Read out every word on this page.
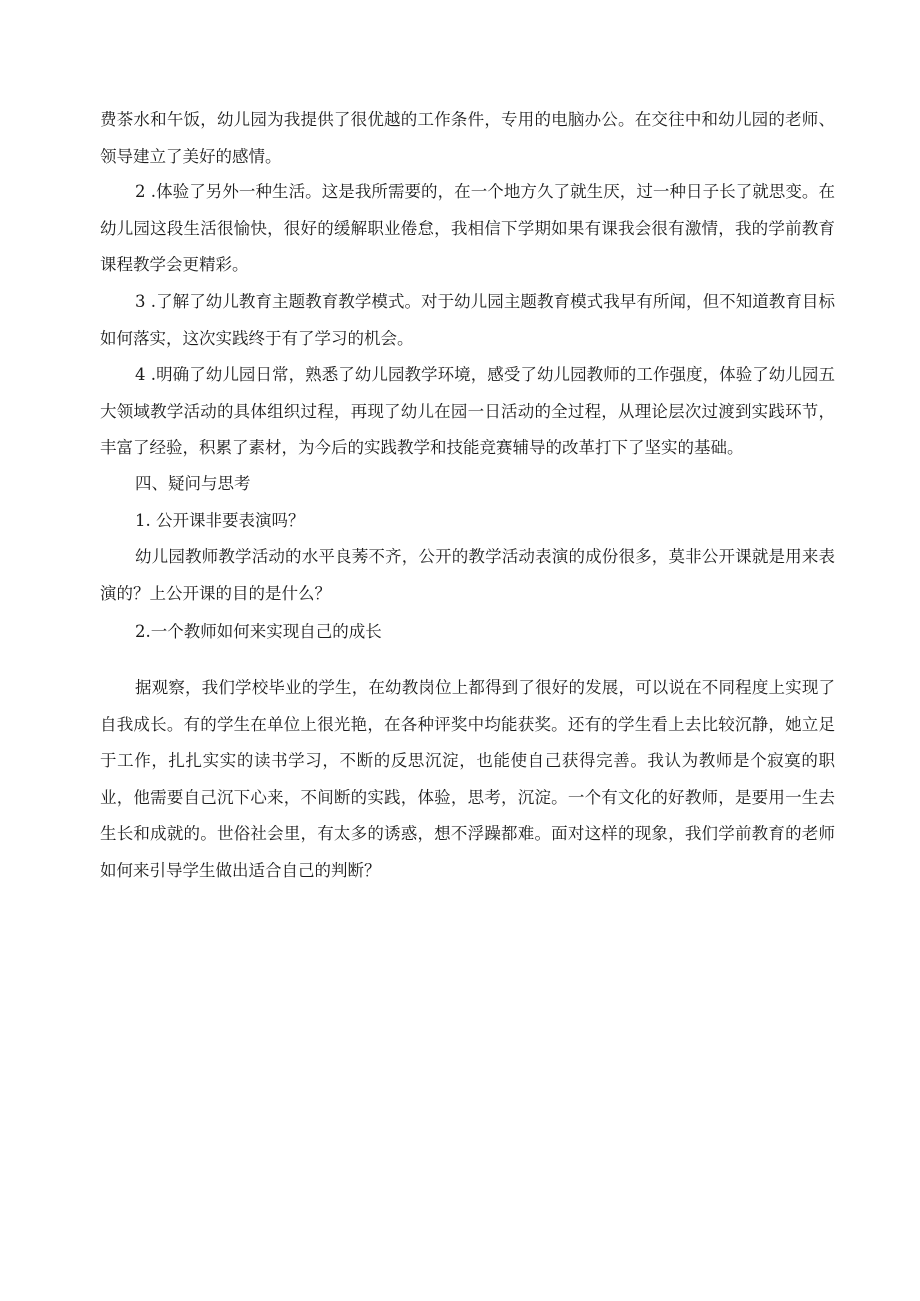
费茶水和午饭，幼儿园为我提供了很优越的工作条件，专用的电脑办公。在交往中和幼儿园的老师、领导建立了美好的感情。

2 .体验了另外一种生活。这是我所需要的，在一个地方久了就生厌，过一种日子长了就思变。在幼儿园这段生活很愉快，很好的缓解职业倦怠，我相信下学期如果有课我会很有激情，我的学前教育课程教学会更精彩。

3 .了解了幼儿教育主题教育教学模式。对于幼儿园主题教育模式我早有所闻，但不知道教育目标如何落实，这次实践终于有了学习的机会。

4 .明确了幼儿园日常，熟悉了幼儿园教学环境，感受了幼儿园教师的工作强度，体验了幼儿园五大领域教学活动的具体组织过程，再现了幼儿在园一日活动的全过程，从理论层次过渡到实践环节，丰富了经验，积累了素材，为今后的实践教学和技能竞赛辅导的改革打下了坚实的基础。

四、疑问与思考

1. 公开课非要表演吗？

幼儿园教师教学活动的水平良莠不齐，公开的教学活动表演的成份很多，莫非公开课就是用来表演的？上公开课的目的是什么？

2.一个教师如何来实现自己的成长

据观察，我们学校毕业的学生，在幼教岗位上都得到了很好的发展，可以说在不同程度上实现了自我成长。有的学生在单位上很光艳，在各种评奖中均能获奖。还有的学生看上去比较沉静，她立足于工作，扎扎实实的读书学习，不断的反思沉淀，也能使自己获得完善。我认为教师是个寂寞的职业，他需要自己沉下心来，不间断的实践，体验，思考，沉淀。一个有文化的好教师，是要用一生去生长和成就的。世俗社会里，有太多的诱惑，想不浮躁都难。面对这样的现象，我们学前教育的老师如何来引导学生做出适合自己的判断？
